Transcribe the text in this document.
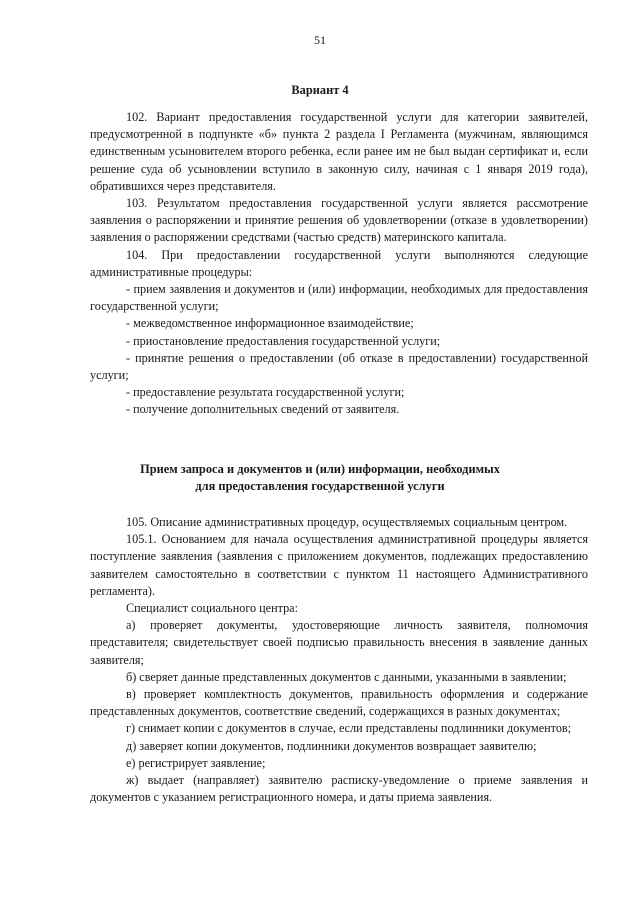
51
Вариант 4

102. Вариант предоставления государственной услуги для категории заявителей, предусмотренной в подпункте «б» пункта 2 раздела I Регламента (мужчинам, являющимся единственным усыновителем второго ребенка, если ранее им не был выдан сертификат и, если решение суда об усыновлении вступило в законную силу, начиная с 1 января 2019 года), обратившихся через представителя.

103. Результатом предоставления государственной услуги является рассмотрение заявления о распоряжении и принятие решения об удовлетворении (отказе в удовлетворении) заявления о распоряжении средствами (частью средств) материнского капитала.

104. При предоставлении государственной услуги выполняются следующие административные процедуры:

- прием заявления и документов и (или) информации, необходимых для предоставления государственной услуги;

- межведомственное информационное взаимодействие;

- приостановление предоставления государственной услуги;

- принятие решения о предоставлении (об отказе в предоставлении) государственной услуги;

- предоставление результата государственной услуги;

- получение дополнительных сведений от заявителя.

Прием запроса и документов и (или) информации, необходимых
для предоставления государственной услуги

105. Описание административных процедур, осуществляемых социальным центром.

105.1. Основанием для начала осуществления административной процедуры является поступление заявления (заявления с приложением документов, подлежащих предоставлению заявителем самостоятельно в соответствии с пунктом 11 настоящего Административного регламента).

Специалист социального центра:

а) проверяет документы, удостоверяющие личность заявителя, полномочия представителя; свидетельствует своей подписью правильность внесения в заявление данных заявителя;

б) сверяет данные представленных документов с данными, указанными в заявлении;

в) проверяет комплектность документов, правильность оформления и содержание представленных документов, соответствие сведений, содержащихся в разных документах;

г) снимает копии с документов в случае, если представлены подлинники документов;

д) заверяет копии документов, подлинники документов возвращает заявителю;

е) регистрирует заявление;

ж) выдает (направляет) заявителю расписку-уведомление о приеме заявления и документов с указанием регистрационного номера, и даты приема заявления.
